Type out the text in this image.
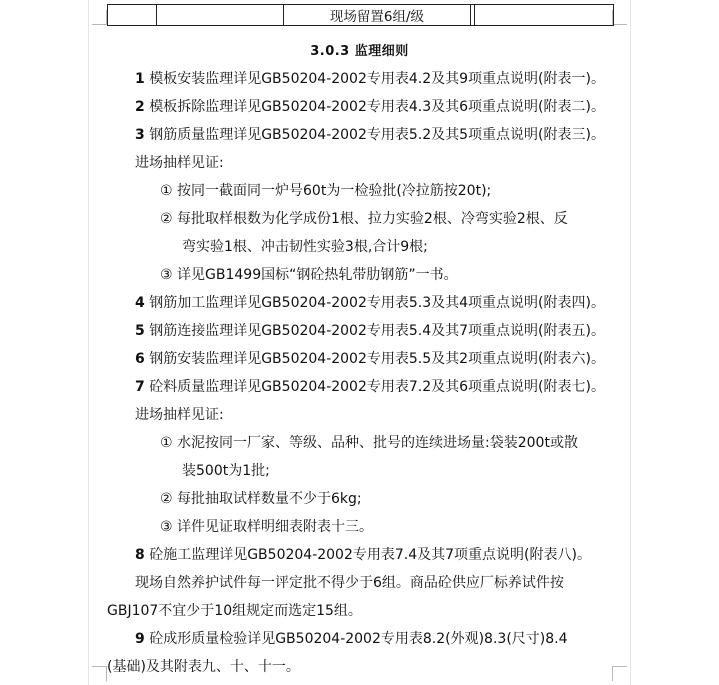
		现场留置6组/级		
3.0.3 监理细则
1 模板安装监理详见GB50204-2002专用表4.2及其9项重点说明(附表一)。
2 模板拆除监理详见GB50204-2002专用表4.3及其6项重点说明(附表二)。
3 钢筋质量监理详见GB50204-2002专用表5.2及其5项重点说明(附表三)。
进场抽样见证:
① 按同一截面同一炉号60t为一检验批(冷拉筋按20t);
② 每批取样根数为化学成份1根、拉力实验2根、冷弯实验2根、反
弯实验1根、冲击韧性实验3根,合计9根;
③ 详见GB1499国标“钢砼热轧带肋钢筋”一书。
4 钢筋加工监理详见GB50204-2002专用表5.3及其4项重点说明(附表四)。
5 钢筋连接监理详见GB50204-2002专用表5.4及其7项重点说明(附表五)。
6 钢筋安装监理详见GB50204-2002专用表5.5及其2项重点说明(附表六)。
7 砼料质量监理详见GB50204-2002专用表7.2及其6项重点说明(附表七)。
进场抽样见证:
① 水泥按同一厂家、等级、品种、批号的连续进场量:袋装200t或散
装500t为1批;
② 每批抽取试样数量不少于6kg;
③ 详件见证取样明细表附表十三。
8 砼施工监理详见GB50204-2002专用表7.4及其7项重点说明(附表八)。
现场自然养护试件每一评定批不得少于6组。商品砼供应厂标养试件按
GBJ107不宜少于10组规定而选定15组。
9 砼成形质量检验详见GB50204-2002专用表8.2(外观)8.3(尺寸)8.4
(基础)及其附表九、十、十一。
